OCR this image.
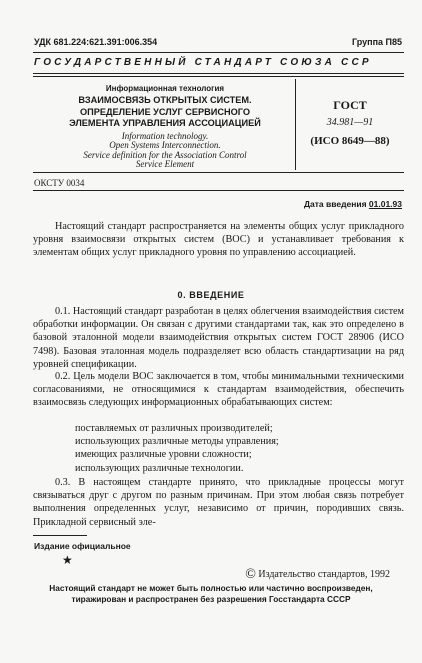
УДК 681.224:621.391:006.354	Группа П85
ГОСУДАРСТВЕННЫЙ СТАНДАРТ СОЮЗА ССР
Информационная технология
ВЗАИМОСВЯЗЬ ОТКРЫТЫХ СИСТЕМ.
ОПРЕДЕЛЕНИЕ УСЛУГ СЕРВИСНОГО
ЭЛЕМЕНТА УПРАВЛЕНИЯ АССОЦИАЦИЕЙ
Information technology.
Open Systems Interconnection.
Service definition for the Association Control
Service Element
ГОСТ
34.981—91
(ИСО 8649—88)
ОКСТУ 0034
Дата введения 01.01.93
Настоящий стандарт распространяется на элементы общих услуг прикладного уровня взаимосвязи открытых систем (ВОС) и устанавливает требования к элементам общих услуг прикладного уровня по управлению ассоциацией.
0. ВВЕДЕНИЕ
0.1. Настоящий стандарт разработан в целях облегчения взаимодействия систем обработки информации. Он связан с другими стандартами так, как это определено в базовой эталонной модели взаимодействия открытых систем ГОСТ 28906 (ИСО 7498). Базовая эталонная модель подразделяет всю область стандартизации на ряд уровней спецификации.
0.2. Цель модели ВОС заключается в том, чтобы минимальными техническими согласованиями, не относящимися к стандартам взаимодействия, обеспечить взаимосвязь следующих информационных обрабатывающих систем:
поставляемых от различных производителей;
использующих различные методы управления;
имеющих различные уровни сложности;
использующих различные технологии.
0.3. В настоящем стандарте принято, что прикладные процессы могут связываться друг с другом по разным причинам. При этом любая связь потребует выполнения определенных услуг, независимо от причин, породивших связь. Прикладной сервисный эле-
Издание официальное
★
© Издательство стандартов, 1992
Настоящий стандарт не может быть полностью или частично воспроизведен,
тиражирован и распространен без разрешения Госстандарта СССР
